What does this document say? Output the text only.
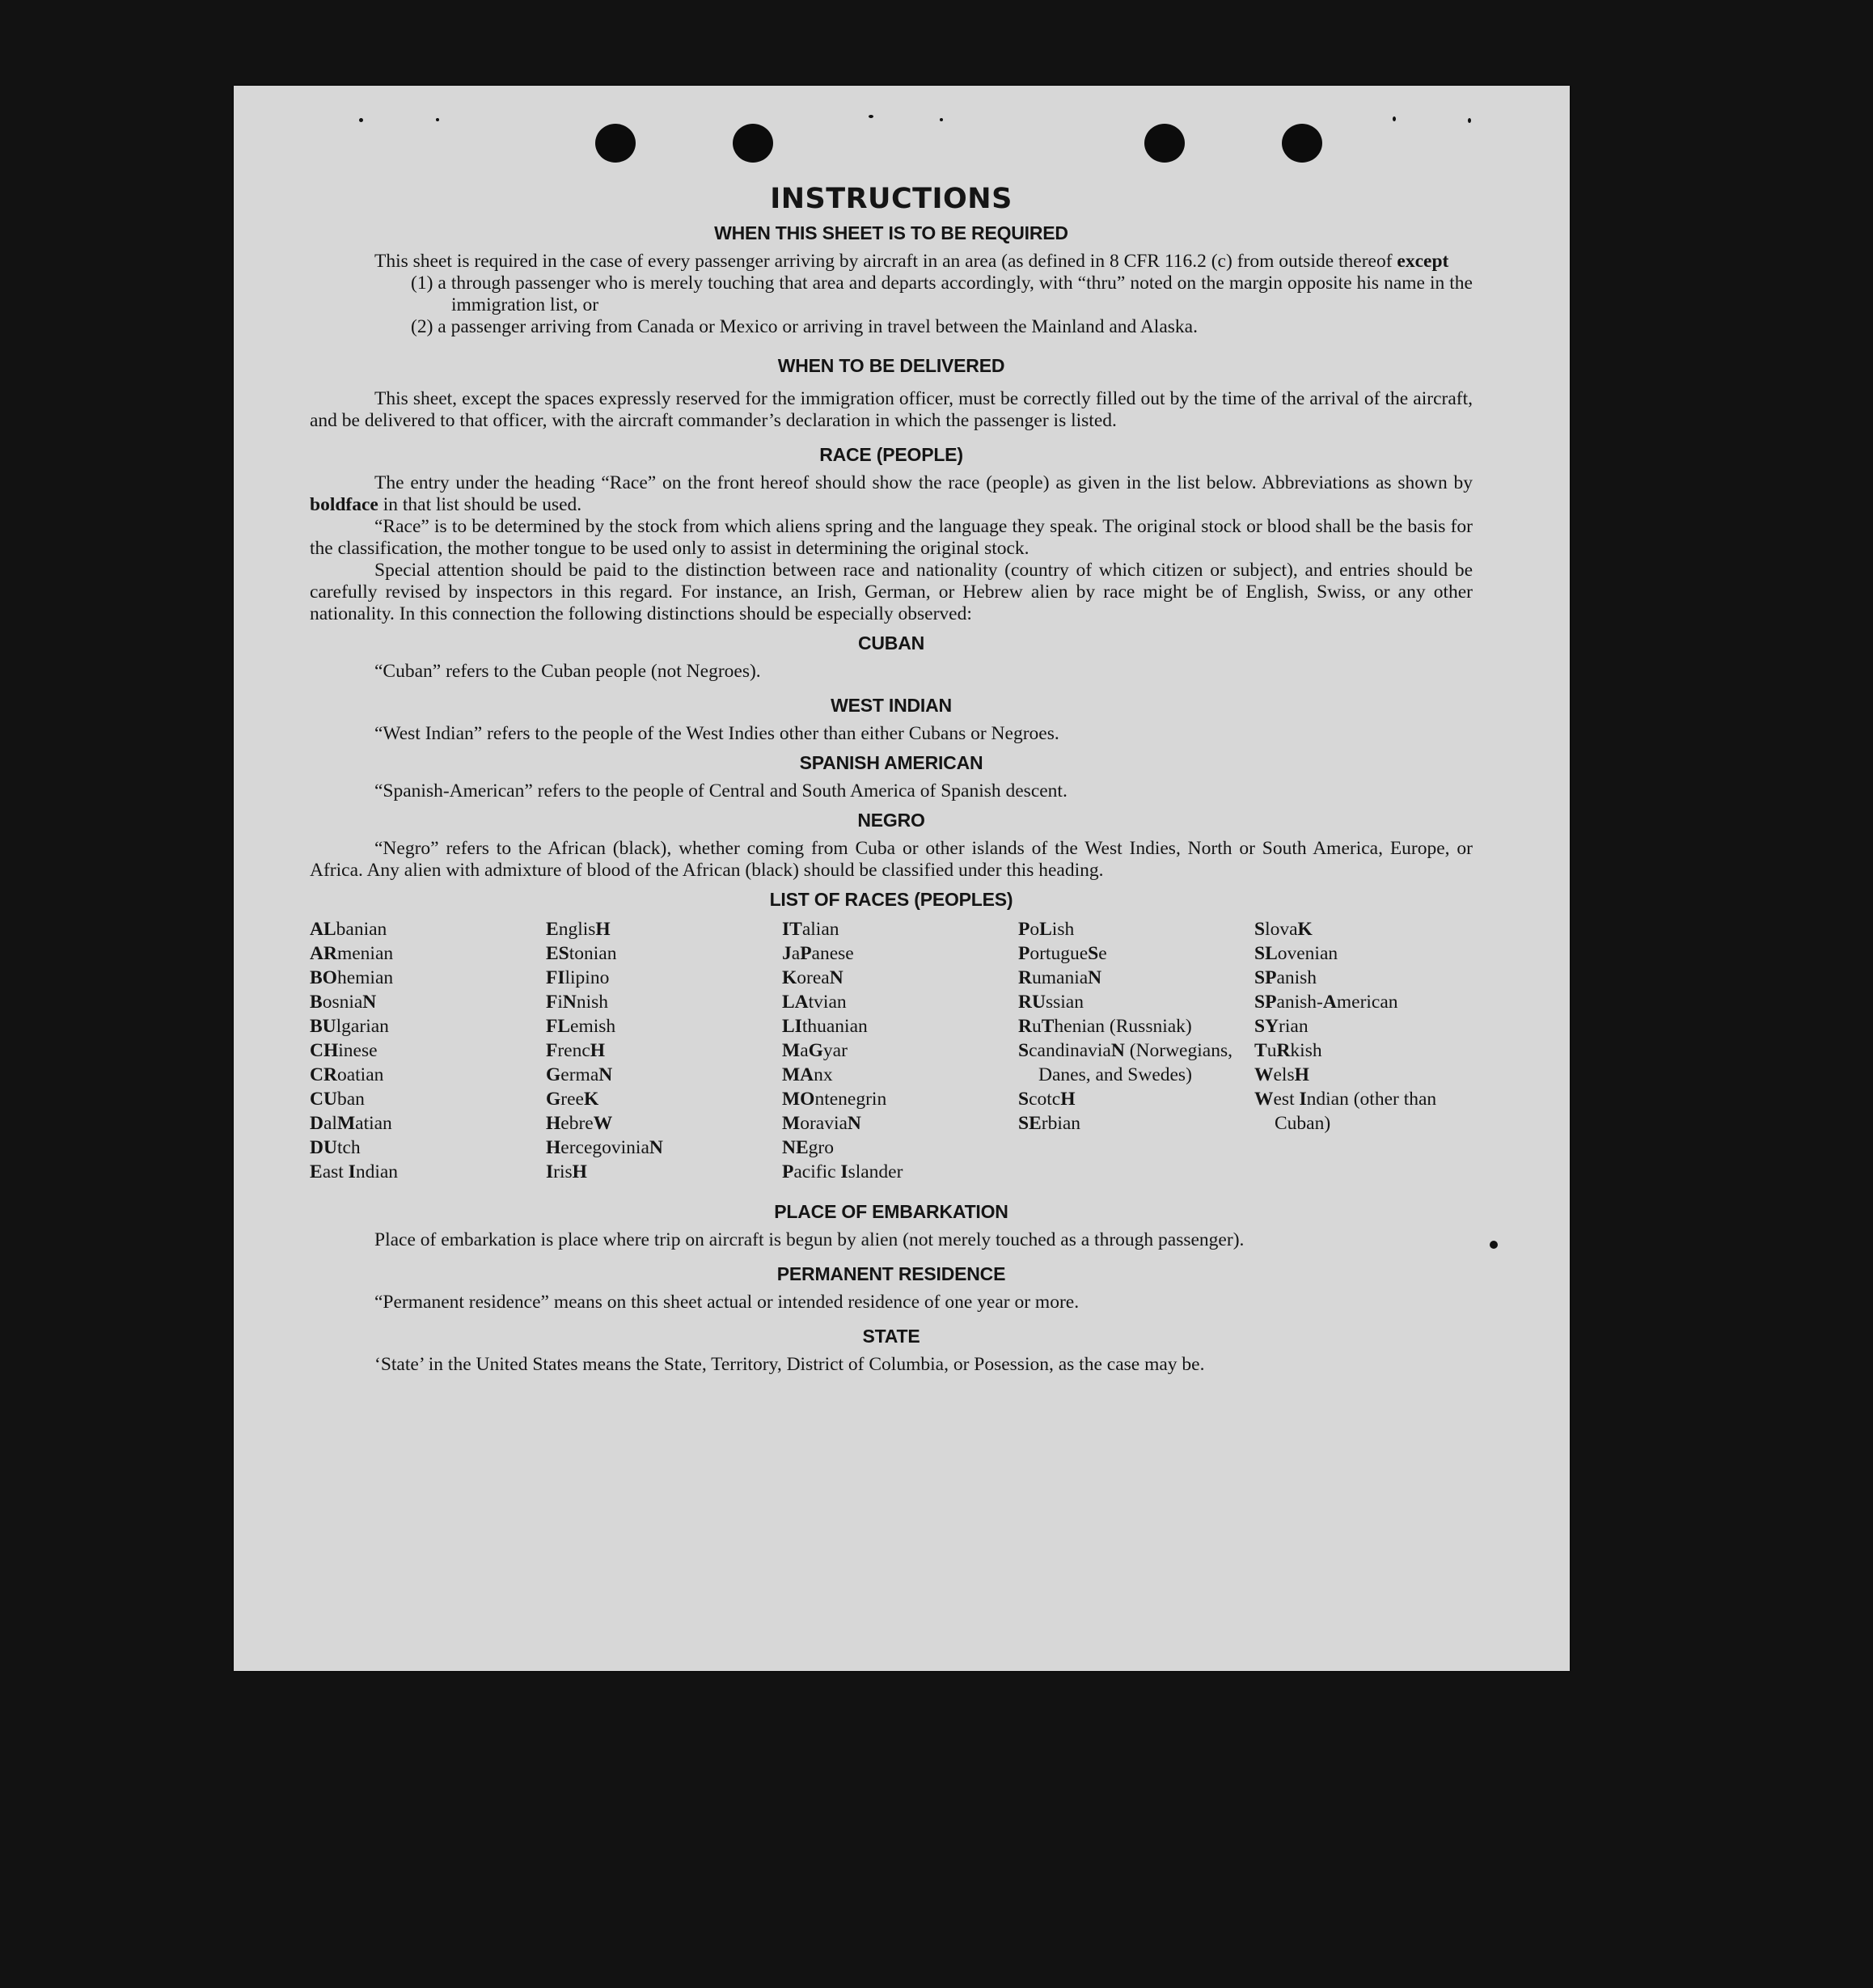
INSTRUCTIONS
WHEN THIS SHEET IS TO BE REQUIRED

This sheet is required in the case of every passenger arriving by aircraft in an area (as defined in 8 CFR 116.2 (c) from outside thereof except

(1) a through passenger who is merely touching that area and departs accordingly, with “thru” noted on the margin opposite his name in the immigration list, or

(2) a passenger arriving from Canada or Mexico or arriving in travel between the Mainland and Alaska.

WHEN TO BE DELIVERED

This sheet, except the spaces expressly reserved for the immigration officer, must be correctly filled out by the time of the arrival of the aircraft, and be delivered to that officer, with the aircraft commander’s declaration in which the passenger is listed.

RACE (PEOPLE)

The entry under the heading “Race” on the front hereof should show the race (people) as given in the list below. Abbreviations as shown by boldface in that list should be used.

“Race” is to be determined by the stock from which aliens spring and the language they speak. The original stock or blood shall be the basis for the classification, the mother tongue to be used only to assist in determining the original stock.

Special attention should be paid to the distinction between race and nationality (country of which citizen or subject), and entries should be carefully revised by inspectors in this regard. For instance, an Irish, German, or Hebrew alien by race might be of English, Swiss, or any other nationality. In this connection the following distinctions should be especially observed:

CUBAN

“Cuban” refers to the Cuban people (not Negroes).

WEST INDIAN

“West Indian” refers to the people of the West Indies other than either Cubans or Negroes.

SPANISH AMERICAN

“Spanish-American” refers to the people of Central and South America of Spanish descent.

NEGRO

“Negro” refers to the African (black), whether coming from Cuba or other islands of the West Indies, North or South America, Europe, or Africa. Any alien with admixture of blood of the African (black) should be classified under this heading.

LIST OF RACES (PEOPLES)
ALbanian
ARmenian
BOhemian
BosniaN
BUlgarian
CHinese
CRoatian
CUban
DalMatian
DUtch
East Indian
EnglisH
EStonian
FIlipino
FiNnish
FLemish
FrencH
GermaN
GreeK
HebreW
HercegoviniaN
IrisH
ITalian
JaPanese
KoreaN
LAtvian
LIthuanian
MaGyar
MAnx
MOntenegrin
MoraviaN
NEgro
Pacific Islander
PoLish
PortugueSe
RumaniaN
RUssian
RuThenian (Russniak)
ScandinaviaN (Norwegians, Danes, and Swedes)
ScotcH
SErbian
SlovaK
SLovenian
SPanish
SPanish-American
SYrian
TuRkish
WelsH
West Indian (other than Cuban)
PLACE OF EMBARKATION

Place of embarkation is place where trip on aircraft is begun by alien (not merely touched as a through passenger).

PERMANENT RESIDENCE

“Permanent residence” means on this sheet actual or intended residence of one year or more.

STATE

‘State’ in the United States means the State, Territory, District of Columbia, or Posession, as the case may be.
